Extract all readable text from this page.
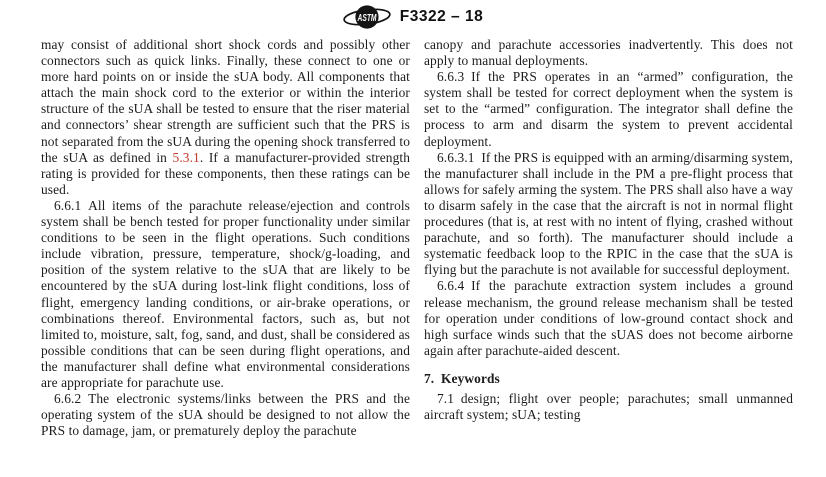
ASTM F3322 – 18

may consist of additional short shock cords and possibly other connectors such as quick links. Finally, these connect to one or more hard points on or inside the sUA body. All components that attach the main shock cord to the exterior or within the interior structure of the sUA shall be tested to ensure that the riser material and connectors’ shear strength are sufficient such that the PRS is not separated from the sUA during the opening shock transferred to the sUA as defined in 5.3.1. If a manufacturer-provided strength rating is provided for these components, then these ratings can be used.

6.6.1 All items of the parachute release/ejection and controls system shall be bench tested for proper functionality under similar conditions to be seen in the flight operations. Such conditions include vibration, pressure, temperature, shock/g-loading, and position of the system relative to the sUA that are likely to be encountered by the sUA during lost-link flight conditions, loss of flight, emergency landing conditions, or air-brake operations, or combinations thereof. Environmental factors, such as, but not limited to, moisture, salt, fog, sand, and dust, shall be considered as possible conditions that can be seen during flight operations, and the manufacturer shall define what environmental considerations are appropriate for parachute use.

6.6.2 The electronic systems/links between the PRS and the operating system of the sUA should be designed to not allow the PRS to damage, jam, or prematurely deploy the parachute

canopy and parachute accessories inadvertently. This does not apply to manual deployments.

6.6.3 If the PRS operates in an “armed” configuration, the system shall be tested for correct deployment when the system is set to the “armed” configuration. The integrator shall define the process to arm and disarm the system to prevent accidental deployment.

6.6.3.1 If the PRS is equipped with an arming/disarming system, the manufacturer shall include in the PM a pre-flight process that allows for safely arming the system. The PRS shall also have a way to disarm safely in the case that the aircraft is not in normal flight procedures (that is, at rest with no intent of flying, crashed without parachute, and so forth). The manufacturer should include a systematic feedback loop to the RPIC in the case that the sUA is flying but the parachute is not available for successful deployment.

6.6.4 If the parachute extraction system includes a ground release mechanism, the ground release mechanism shall be tested for operation under conditions of low-ground contact shock and high surface winds such that the sUAS does not become airborne again after parachute-aided descent.

7. Keywords

7.1 design; flight over people; parachutes; small unmanned aircraft system; sUA; testing
